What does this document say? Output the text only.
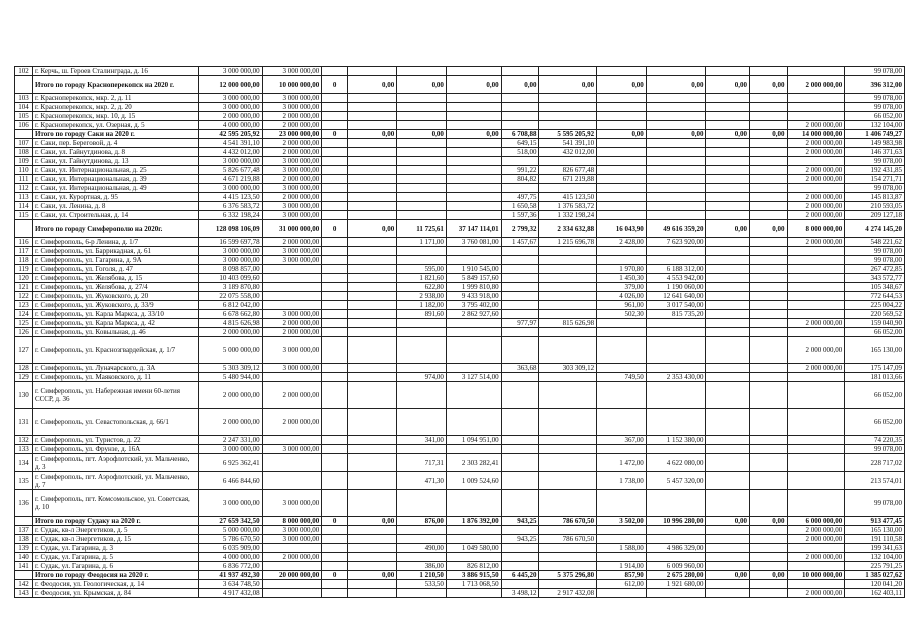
102	г. Керчь, ш. Героев Сталинграда, д. 16	3 000 000,00	3 000 000,00												99 078,00
	Итого по городу Красноперекопск на 2020 г.	12 000 000,00	10 000 000,00	0	0,00	0,00	0,00	0,00	0,00	0,00	0,00	0,00	0,00	2 000 000,00	396 312,00
103	г. Красноперекопск, мкр. 2, д. 11	3 000 000,00	3 000 000,00												99 078,00
104	г. Красноперекопск, мкр. 2, д. 20	3 000 000,00	3 000 000,00												99 078,00
105	г. Красноперекопск, мкр. 10, д. 15	2 000 000,00	2 000 000,00												66 052,00
106	г. Красноперекопск, ул. Озерная, д. 5	4 000 000,00	2 000 000,00											2 000 000,00	132 104,00
	Итого по городу Саки на 2020 г.	42 595 205,92	23 000 000,00	0	0,00	0,00	0,00	6 708,88	5 595 205,92	0,00	0,00	0,00	0,00	14 000 000,00	1 406 749,27
107	г. Саки, пер. Береговой, д. 4	4 541 391,10	2 000 000,00					649,15	541 391,10					2 000 000,00	149 983,98
108	г. Саки, ул. Гайнутдинова, д. 8	4 432 012,00	2 000 000,00					518,00	432 012,00					2 000 000,00	146 371,63
109	г. Саки, ул. Гайнутдинова, д. 13	3 000 000,00	3 000 000,00												99 078,00
110	г. Саки, ул. Интернациональная, д. 25	5 826 677,48	3 000 000,00					991,22	826 677,48					2 000 000,00	192 431,85
111	г. Саки, ул. Интернациональная, д. 39	4 671 219,88	2 000 000,00					804,82	671 219,88					2 000 000,00	154 271,71
112	г. Саки, ул. Интернациональная, д. 49	3 000 000,00	3 000 000,00												99 078,00
113	г. Саки, ул. Курортная, д. 95	4 415 123,50	2 000 000,00					497,75	415 123,50					2 000 000,00	145 813,87
114	г. Саки, ул. Ленина, д. 8	6 376 583,72	3 000 000,00					1 650,58	1 376 583,72					2 000 000,00	210 593,05
115	г. Саки, ул. Строительная, д. 14	6 332 198,24	3 000 000,00					1 597,36	1 332 198,24					2 000 000,00	209 127,18
	Итого по городу Симферополю на 2020г.	128 098 106,09	31 000 000,00	0	0,00	11 725,61	37 147 114,01	2 799,32	2 334 632,88	16 043,90	49 616 359,20	0,00	0,00	8 000 000,00	4 274 145,20
116	г. Симферополь, 6-р Ленина, д. 1/7	16 599 697,78	2 000 000,00			1 171,00	3 760 081,00	1 457,67	1 215 696,78	2 428,00	7 623 920,00			2 000 000,00	548 221,62
117	г. Симферополь, ул. Баррикадная, д. 61	3 000 000,00	3 000 000,00												99 078,00
118	г. Симферополь, ул. Гагарина, д. 9А	3 000 000,00	3 000 000,00												99 078,00
119	г. Симферополь, ул. Гоголя, д. 47	8 098 857,00				595,00	1 910 545,00			1 970,80	6 188 312,00				267 472,85
120	г. Симферополь, ул. Желябова, д. 15	10 403 099,60				1 821,60	5 849 157,60			1 450,30	4 553 942,00				343 572,77
121	г. Симферополь, ул. Желябова, д. 27/4	3 189 870,80				622,80	1 999 810,80			379,00	1 190 060,00				105 348,67
122	г. Симферополь, ул. Жуковского, д. 20	22 075 558,00				2 938,00	9 433 918,00			4 026,00	12 641 640,00				772 644,53
123	г. Симферополь, ул. Жуковского, д. 33/9	6 812 042,00				1 182,00	3 795 402,00			961,00	3 017 540,00				225 004,22
124	г. Симферополь, ул. Карла Маркса, д. 33/10	6 678 662,80	3 000 000,00			891,60	2 862 927,60			502,30	815 735,20				220 569,52
125	г. Симферополь, ул. Карла Маркса, д. 42	4 815 626,98	2 000 000,00					977,97	815 626,98					2 000 000,00	159 040,90
126	г. Симферополь, ул. Ковыльная, д. 46	2 000 000,00	2 000 000,00												66 052,00
127	г. Симферополь, ул. Краснозгвардейская, д. 1/7	5 000 000,00	3 000 000,00											2 000 000,00	165 130,00
128	г. Симферополь, ул. Луначарского, д. 3А	5 303 309,12	3 000 000,00					363,68	303 309,12					2 000 000,00	175 147,09
129	г. Симферополь, ул. Маяковского, д. 11	5 480 944,00				974,00	3 127 514,00			749,50	2 353 430,00				181 013,66
130	г. Симферополь, ул. Набережная имени 60-летия СССР, д. 36	2 000 000,00	2 000 000,00												66 052,00
131	г. Симферополь, ул. Севастопольская, д. 66/1	2 000 000,00	2 000 000,00												66 052,00
132	г. Симферополь, ул. Туристов, д. 22	2 247 331,00				341,00	1 094 951,00			367,00	1 152 380,00				74 220,35
133	г. Симферополь, ул. Фрунзе, д. 16А	3 000 000,00	3 000 000,00												99 078,00
134	г. Симферополь, пгт. Аэрофлотский, ул. Мальченко, д. 3	6 925 362,41				717,31	2 303 282,41			1 472,00	4 622 080,00				228 717,02
135	г. Симферополь, пгт. Аэрофлотский, ул. Мальченко, д. 7	6 466 844,60				471,30	1 009 524,60			1 738,00	5 457 320,00				213 574,01
136	г. Симферополь, пгт. Комсомольское, ул. Советская, д. 10	3 000 000,00	3 000 000,00												99 078,00
	Итого по городу Судаку на 2020 г.	27 659 342,50	8 000 000,00	0	0,00	876,00	1 876 392,00	943,25	786 670,50	3 502,00	10 996 280,00	0,00	0,00	6 000 000,00	913 477,45
137	г. Судак, кв-л Энергетиков, д. 5	5 000 000,00	3 000 000,00											2 000 000,00	165 130,00
138	г. Судак, кв-л Энергетиков, д. 15	5 786 670,50	3 000 000,00					943,25	786 670,50					2 000 000,00	191 110,58
139	г. Судак, ул. Гагарина, д. 3	6 035 909,00				490,00	1 049 580,00			1 588,00	4 986 329,00				199 341,63
140	г. Судак, ул. Гагарина, д. 5	4 000 000,00	2 000 000,00											2 000 000,00	132 104,00
141	г. Судак, ул. Гагарина, д. 6	6 836 772,00				386,00	826 812,00			1 914,00	6 009 960,00				225 791,25
	Итого по городу Феодосия на 2020 г.	41 937 492,30	20 000 000,00	0	0,00	1 210,50	3 886 915,50	6 445,20	5 375 296,80	857,90	2 675 280,00	0,00	0,00	10 000 000,00	1 385 027,62
142	г. Феодосия, ул. Геологическая, д. 14	3 634 748,50				533,50	1 713 068,50			612,00	1 921 680,00				120 041,20
143	г. Феодосия, ул. Крымская, д. 84	4 917 432,08						3 498,12	2 917 432,08					2 000 000,00	162 403,11
